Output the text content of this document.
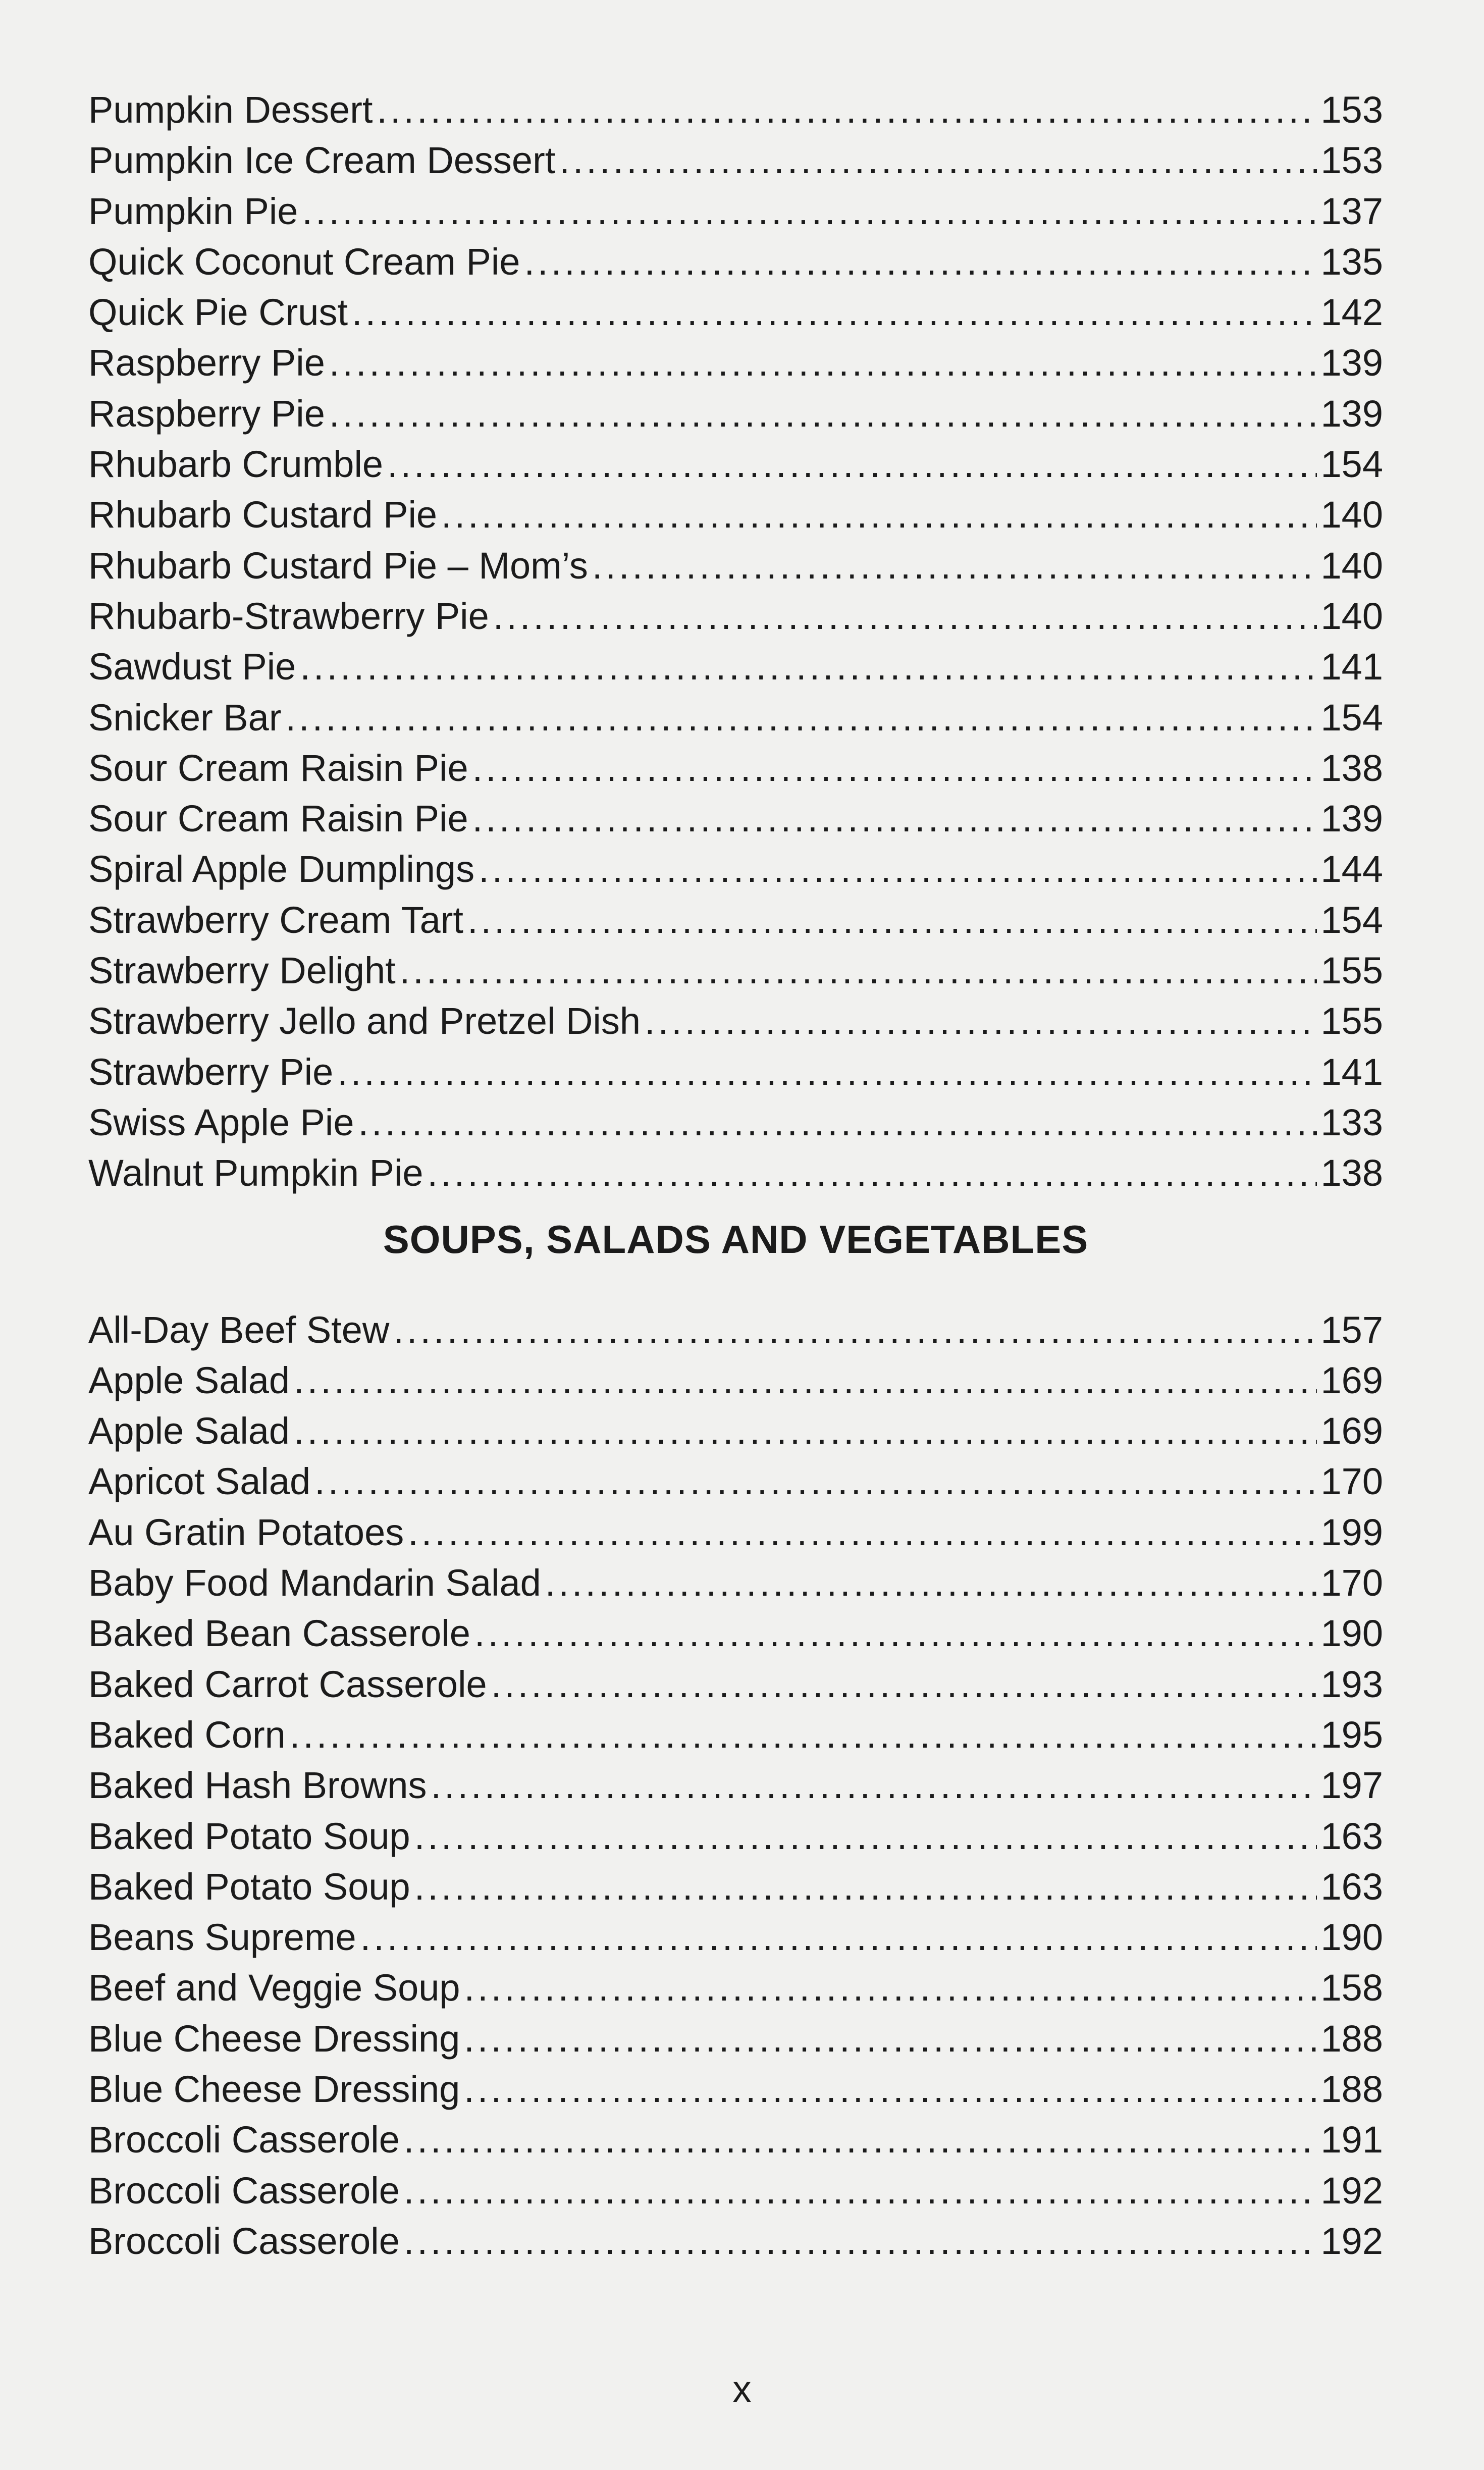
Pumpkin Dessert .....	153
Pumpkin Ice Cream Dessert .....	153
Pumpkin Pie .....	137
Quick Coconut Cream Pie .....	135
Quick Pie Crust .....	142
Raspberry Pie .....	139
Raspberry Pie .....	139
Rhubarb Crumble .....	154
Rhubarb Custard Pie .....	140
Rhubarb Custard Pie – Mom’s .....	140
Rhubarb-Strawberry Pie .....	140
Sawdust Pie .....	141
Snicker Bar .....	154
Sour Cream Raisin Pie .....	138
Sour Cream Raisin Pie .....	139
Spiral Apple Dumplings .....	144
Strawberry Cream Tart .....	154
Strawberry Delight .....	155
Strawberry Jello and Pretzel Dish .....	155
Strawberry Pie .....	141
Swiss Apple Pie .....	133
Walnut Pumpkin Pie .....	138
SOUPS, SALADS AND VEGETABLES
All-Day Beef Stew .....	157
Apple Salad .....	169
Apple Salad .....	169
Apricot Salad .....	170
Au Gratin Potatoes .....	199
Baby Food Mandarin Salad .....	170
Baked Bean Casserole .....	190
Baked Carrot Casserole .....	193
Baked Corn .....	195
Baked Hash Browns .....	197
Baked Potato Soup .....	163
Baked Potato Soup .....	163
Beans Supreme .....	190
Beef and Veggie Soup .....	158
Blue Cheese Dressing .....	188
Blue Cheese Dressing .....	188
Broccoli Casserole .....	191
Broccoli Casserole .....	192
Broccoli Casserole .....	192
x
